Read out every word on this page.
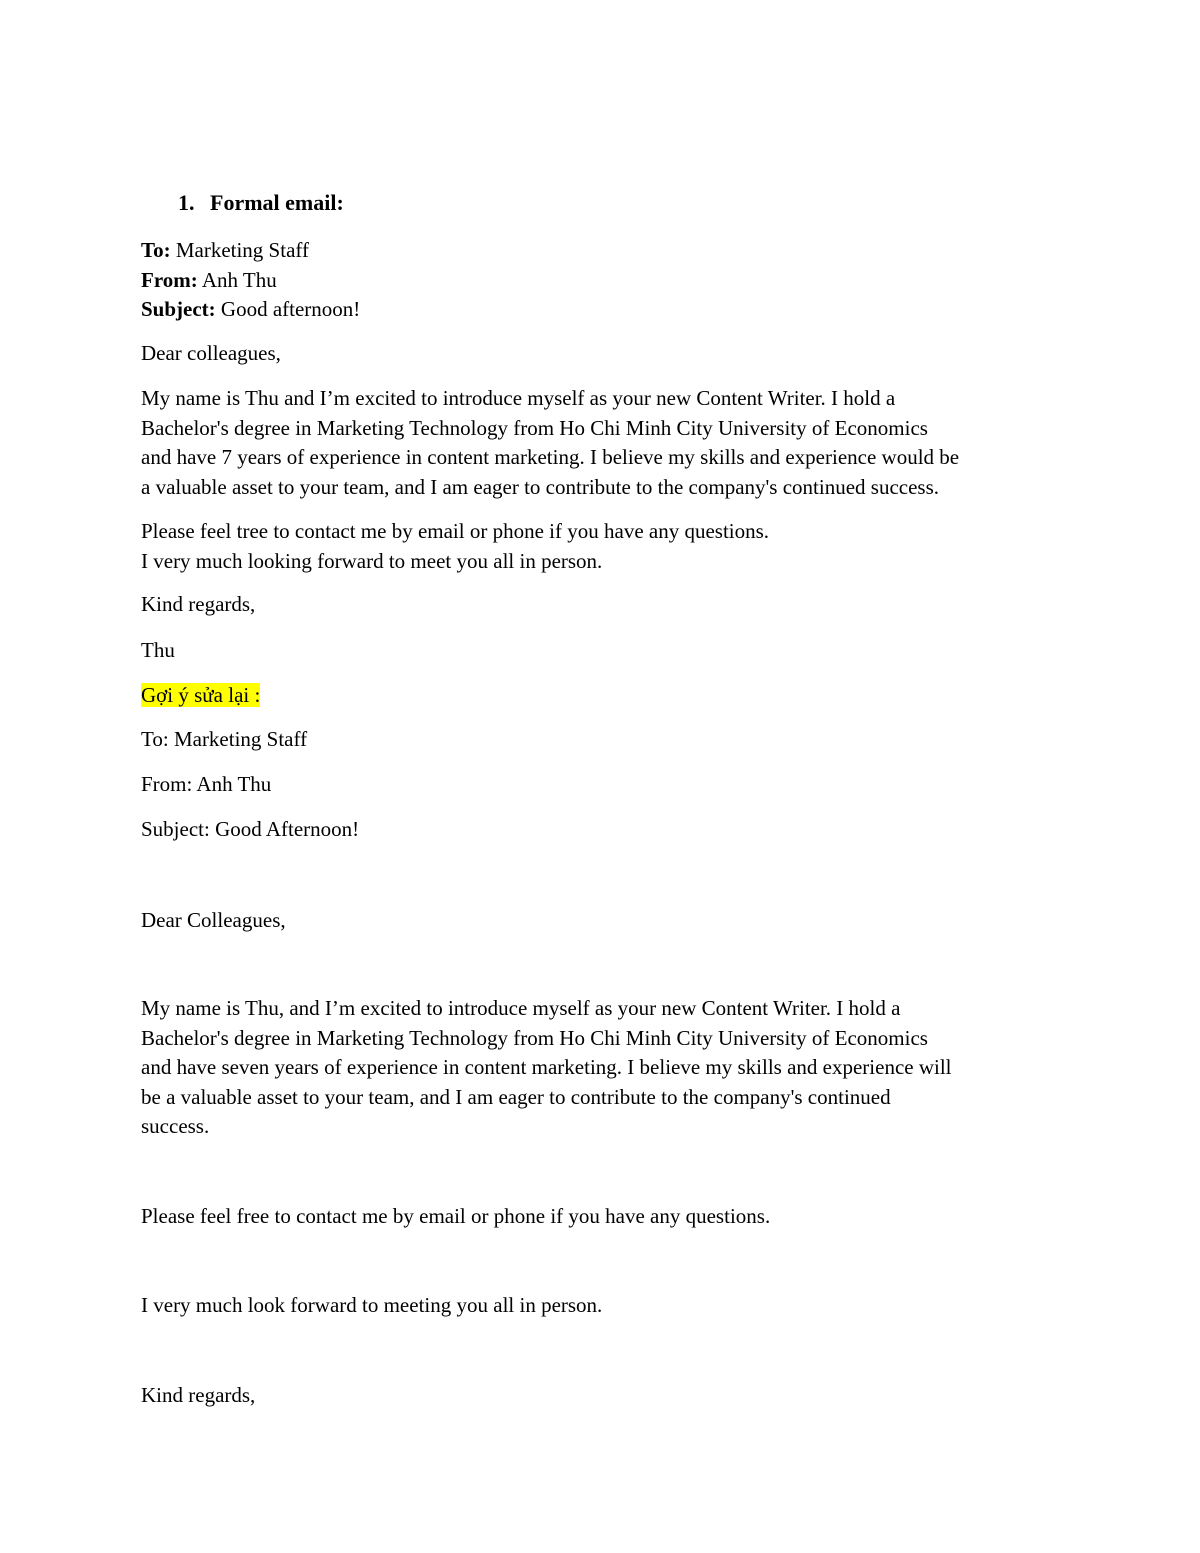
1. Formal email:
To: Marketing Staff
From: Anh Thu
Subject: Good afternoon!
Dear colleagues,
My name is Thu and I’m excited to introduce myself as your new Content Writer. I hold a
Bachelor's degree in Marketing Technology from Ho Chi Minh City University of Economics
and have 7 years of experience in content marketing. I believe my skills and experience would be
a valuable asset to your team, and I am eager to contribute to the company's continued success.
Please feel tree to contact me by email or phone if you have any questions.
I very much looking forward to meet you all in person.
Kind regards,
Thu
Gợi ý sửa lại :
To: Marketing Staff
From: Anh Thu
Subject: Good Afternoon!
Dear Colleagues,
My name is Thu, and I’m excited to introduce myself as your new Content Writer. I hold a
Bachelor's degree in Marketing Technology from Ho Chi Minh City University of Economics
and have seven years of experience in content marketing. I believe my skills and experience will
be a valuable asset to your team, and I am eager to contribute to the company's continued
success.
Please feel free to contact me by email or phone if you have any questions.
I very much look forward to meeting you all in person.
Kind regards,
